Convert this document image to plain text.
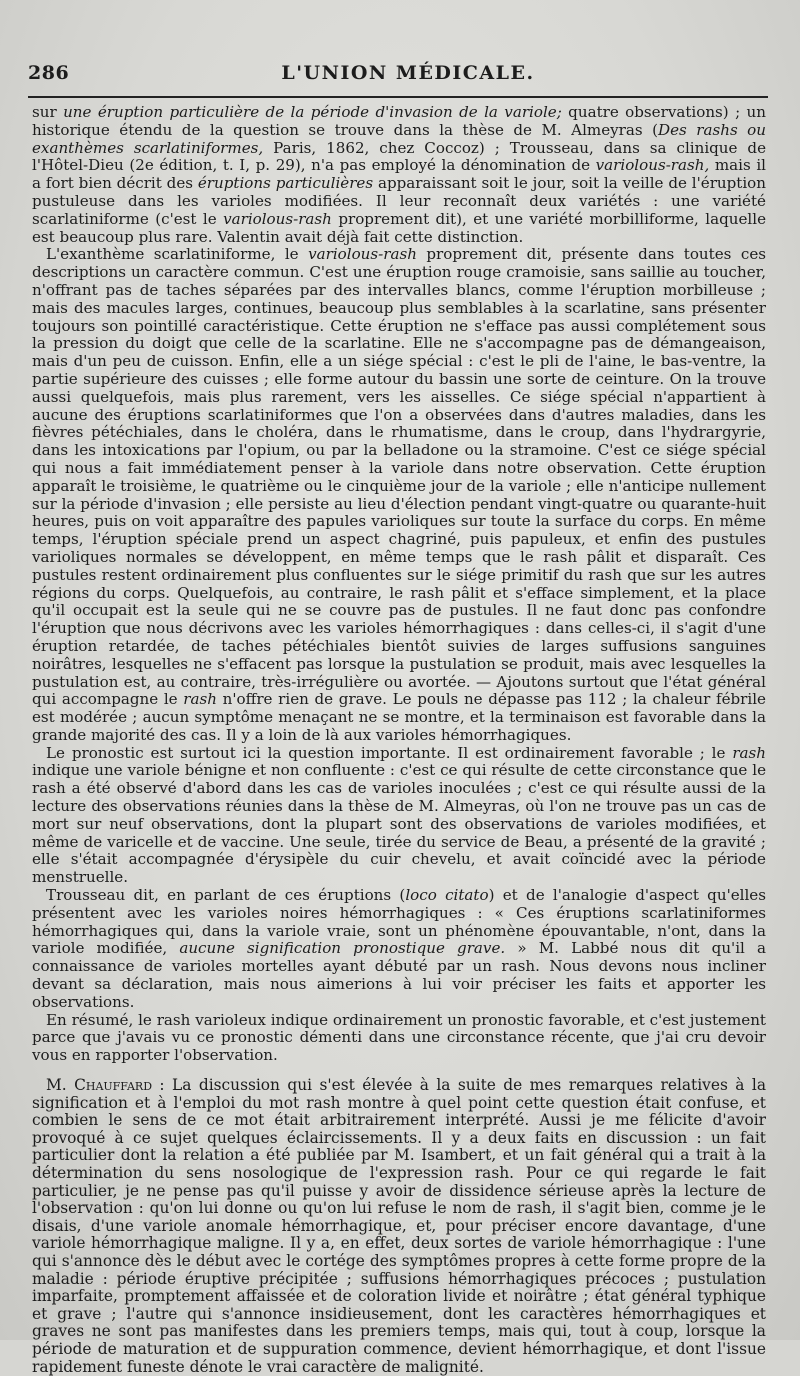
286	L'UNION MÉDICALE.

sur une éruption particulière de la période d'invasion de la variole; quatre observations) ; un historique étendu de la question se trouve dans la thèse de M. Almeyras (Des rashs ou exanthèmes scarlatiniformes, Paris, 1862, chez Coccoz) ; Trousseau, dans sa clinique de l'Hôtel-Dieu (2e édition, t. I, p. 29), n'a pas employé la dénomination de variolous-rash, mais il a fort bien décrit des éruptions particulières apparaissant soit le jour, soit la veille de l'éruption pustuleuse dans les varioles modifiées. Il leur reconnaît deux variétés : une variété scarlatiniforme (c'est le variolous-rash proprement dit), et une variété morbilliforme, laquelle est beaucoup plus rare. Valentin avait déjà fait cette distinction.

L'exanthème scarlatiniforme, le variolous-rash proprement dit, présente dans toutes ces descriptions un caractère commun. C'est une éruption rouge cramoisie, sans saillie au toucher, n'offrant pas de taches séparées par des intervalles blancs, comme l'éruption morbilleuse ; mais des macules larges, continues, beaucoup plus semblables à la scarlatine, sans présenter toujours son pointillé caractéristique. Cette éruption ne s'efface pas aussi complétement sous la pression du doigt que celle de la scarlatine. Elle ne s'accompagne pas de démangeaison, mais d'un peu de cuisson. Enfin, elle a un siége spécial : c'est le pli de l'aine, le bas-ventre, la partie supérieure des cuisses ; elle forme autour du bassin une sorte de ceinture. On la trouve aussi quelquefois, mais plus rarement, vers les aisselles. Ce siége spécial n'appartient à aucune des éruptions scarlatiniformes que l'on a observées dans d'autres maladies, dans les fièvres pétéchiales, dans le choléra, dans le rhumatisme, dans le croup, dans l'hydrargyrie, dans les intoxications par l'opium, ou par la belladone ou la stramoine. C'est ce siége spécial qui nous a fait immédiatement penser à la variole dans notre observation. Cette éruption apparaît le troisième, le quatrième ou le cinquième jour de la variole ; elle n'anticipe nullement sur la période d'invasion ; elle persiste au lieu d'élection pendant vingt-quatre ou quarante-huit heures, puis on voit apparaître des papules varioliques sur toute la surface du corps. En même temps, l'éruption spéciale prend un aspect chagriné, puis papuleux, et enfin des pustules varioliques normales se développent, en même temps que le rash pâlit et disparaît. Ces pustules restent ordinairement plus confluentes sur le siége primitif du rash que sur les autres régions du corps. Quelquefois, au contraire, le rash pâlit et s'efface simplement, et la place qu'il occupait est la seule qui ne se couvre pas de pustules. Il ne faut donc pas confondre l'éruption que nous décrivons avec les varioles hémorrhagiques : dans celles-ci, il s'agit d'une éruption retardée, de taches pétéchiales bientôt suivies de larges suffusions sanguines noirâtres, lesquelles ne s'effacent pas lorsque la pustulation se produit, mais avec lesquelles la pustulation est, au contraire, très-irrégulière ou avortée. — Ajoutons surtout que l'état général qui accompagne le rash n'offre rien de grave. Le pouls ne dépasse pas 112 ; la chaleur fébrile est modérée ; aucun symptôme menaçant ne se montre, et la terminaison est favorable dans la grande majorité des cas. Il y a loin de là aux varioles hémorrhagiques.

Le pronostic est surtout ici la question importante. Il est ordinairement favorable ; le rash indique une variole bénigne et non confluente : c'est ce qui résulte de cette circonstance que le rash a été observé d'abord dans les cas de varioles inoculées ; c'est ce qui résulte aussi de la lecture des observations réunies dans la thèse de M. Almeyras, où l'on ne trouve pas un cas de mort sur neuf observations, dont la plupart sont des observations de varioles modifiées, et même de varicelle et de vaccine. Une seule, tirée du service de Beau, a présenté de la gravité ; elle s'était accompagnée d'érysipèle du cuir chevelu, et avait coïncidé avec la période menstruelle.

Trousseau dit, en parlant de ces éruptions (loco citato) et de l'analogie d'aspect qu'elles présentent avec les varioles noires hémorrhagiques : « Ces éruptions scarlatiniformes hémorrhagiques qui, dans la variole vraie, sont un phénomène épouvantable, n'ont, dans la variole modifiée, aucune signification pronostique grave. » M. Labbé nous dit qu'il a connaissance de varioles mortelles ayant débuté par un rash. Nous devons nous incliner devant sa déclaration, mais nous aimerions à lui voir préciser les faits et apporter les observations.

En résumé, le rash varioleux indique ordinairement un pronostic favorable, et c'est justement parce que j'avais vu ce pronostic démenti dans une circonstance récente, que j'ai cru devoir vous en rapporter l'observation.

M. Chauffard : La discussion qui s'est élevée à la suite de mes remarques relatives à la signification et à l'emploi du mot rash montre à quel point cette question était confuse, et combien le sens de ce mot était arbitrairement interprété. Aussi je me félicite d'avoir provoqué à ce sujet quelques éclaircissements. Il y a deux faits en discussion : un fait particulier dont la relation a été publiée par M. Isambert, et un fait général qui a trait à la détermination du sens nosologique de l'expression rash. Pour ce qui regarde le fait particulier, je ne pense pas qu'il puisse y avoir de dissidence sérieuse après la lecture de l'observation : qu'on lui donne ou qu'on lui refuse le nom de rash, il s'agit bien, comme je le disais, d'une variole anomale hémorrhagique, et, pour préciser encore davantage, d'une variole hémorrhagique maligne. Il y a, en effet, deux sortes de variole hémorrhagique : l'une qui s'annonce dès le début avec le cortége des symptômes propres à cette forme propre de la maladie : période éruptive précipitée ; suffusions hémorrhagiques précoces ; pustulation imparfaite, promptement affaissée et de coloration livide et noirâtre ; état général typhique et grave ; l'autre qui s'annonce insidieusement, dont les caractères hémorrhagiques et graves ne sont pas manifestes dans les premiers temps, mais qui, tout à coup, lorsque la période de maturation et de suppuration commence, devient hémorrhagique, et dont l'issue rapidement funeste dénote le vrai caractère de malignité.
